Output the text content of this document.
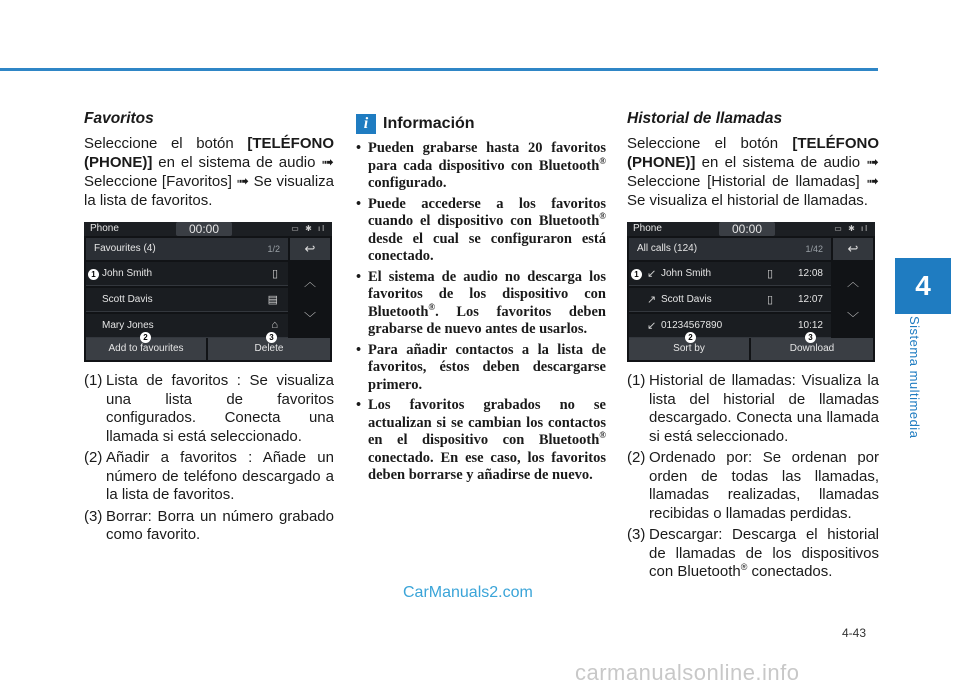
4
Sistema multimedia
Favoritos

Seleccione el botón [TELÉFONO (PHONE)] en el sistema de audio ➟ Seleccione [Favoritos] ➟ Se visualiza la lista de favoritos.

Phone	00:00	▭ ✱ ıl
Favourites (4)	1/2	↩
1 John Smith	▯
Scott Davis	▤
Mary Jones	⌂
︿
﹀
Add to favourites
2
Delete
3
(1) Lista de favoritos : Se visualiza una lista de favoritos configurados. Conecta una llamada si está seleccionado.
(2) Añadir a favoritos : Añade un número de teléfono descargado a la lista de favoritos.
(3) Borrar: Borra un número grabado como favorito.
i Información
• Pueden grabarse hasta 20 favoritos para cada dispositivo con Bluetooth® configurado.
• Puede accederse a los favoritos cuando el dispositivo con Bluetooth® desde el cual se configuraron está conectado.
• El sistema de audio no descarga los favoritos de los dispositivo con Bluetooth®. Los favoritos deben grabarse de nuevo antes de usarlos.
• Para añadir contactos a la lista de favoritos, éstos deben descargarse primero.
• Los favoritos grabados no se actualizan si se cambian los contactos en el dispositivo con Bluetooth® conectado. En ese caso, los favoritos deben borrarse y añadirse de nuevo.
Historial de llamadas

Seleccione el botón [TELÉFONO (PHONE)] en el sistema de audio ➟ Seleccione [Historial de llamadas] ➟ Se visualiza el historial de llamadas.

Phone	00:00	▭ ✱ ıl
All calls (124)	1/42	↩
1 ↙ John Smith	▯ 12:08
↗ Scott Davis	▯ 12:07
↙ 01234567890	10:12
︿
﹀
Sort by
2
Download
3
(1) Historial de llamadas: Visualiza la lista del historial de llamadas descargado. Conecta una llamada si está seleccionado.
(2) Ordenado por: Se ordenan por orden de todas las llamadas, llamadas realizadas, llamadas recibidas o llamadas perdidas.
(3) Descargar: Descarga el historial de llamadas de los dispositivos con Bluetooth® conectados.
CarManuals2.com
4-43
carmanualsonline.info
